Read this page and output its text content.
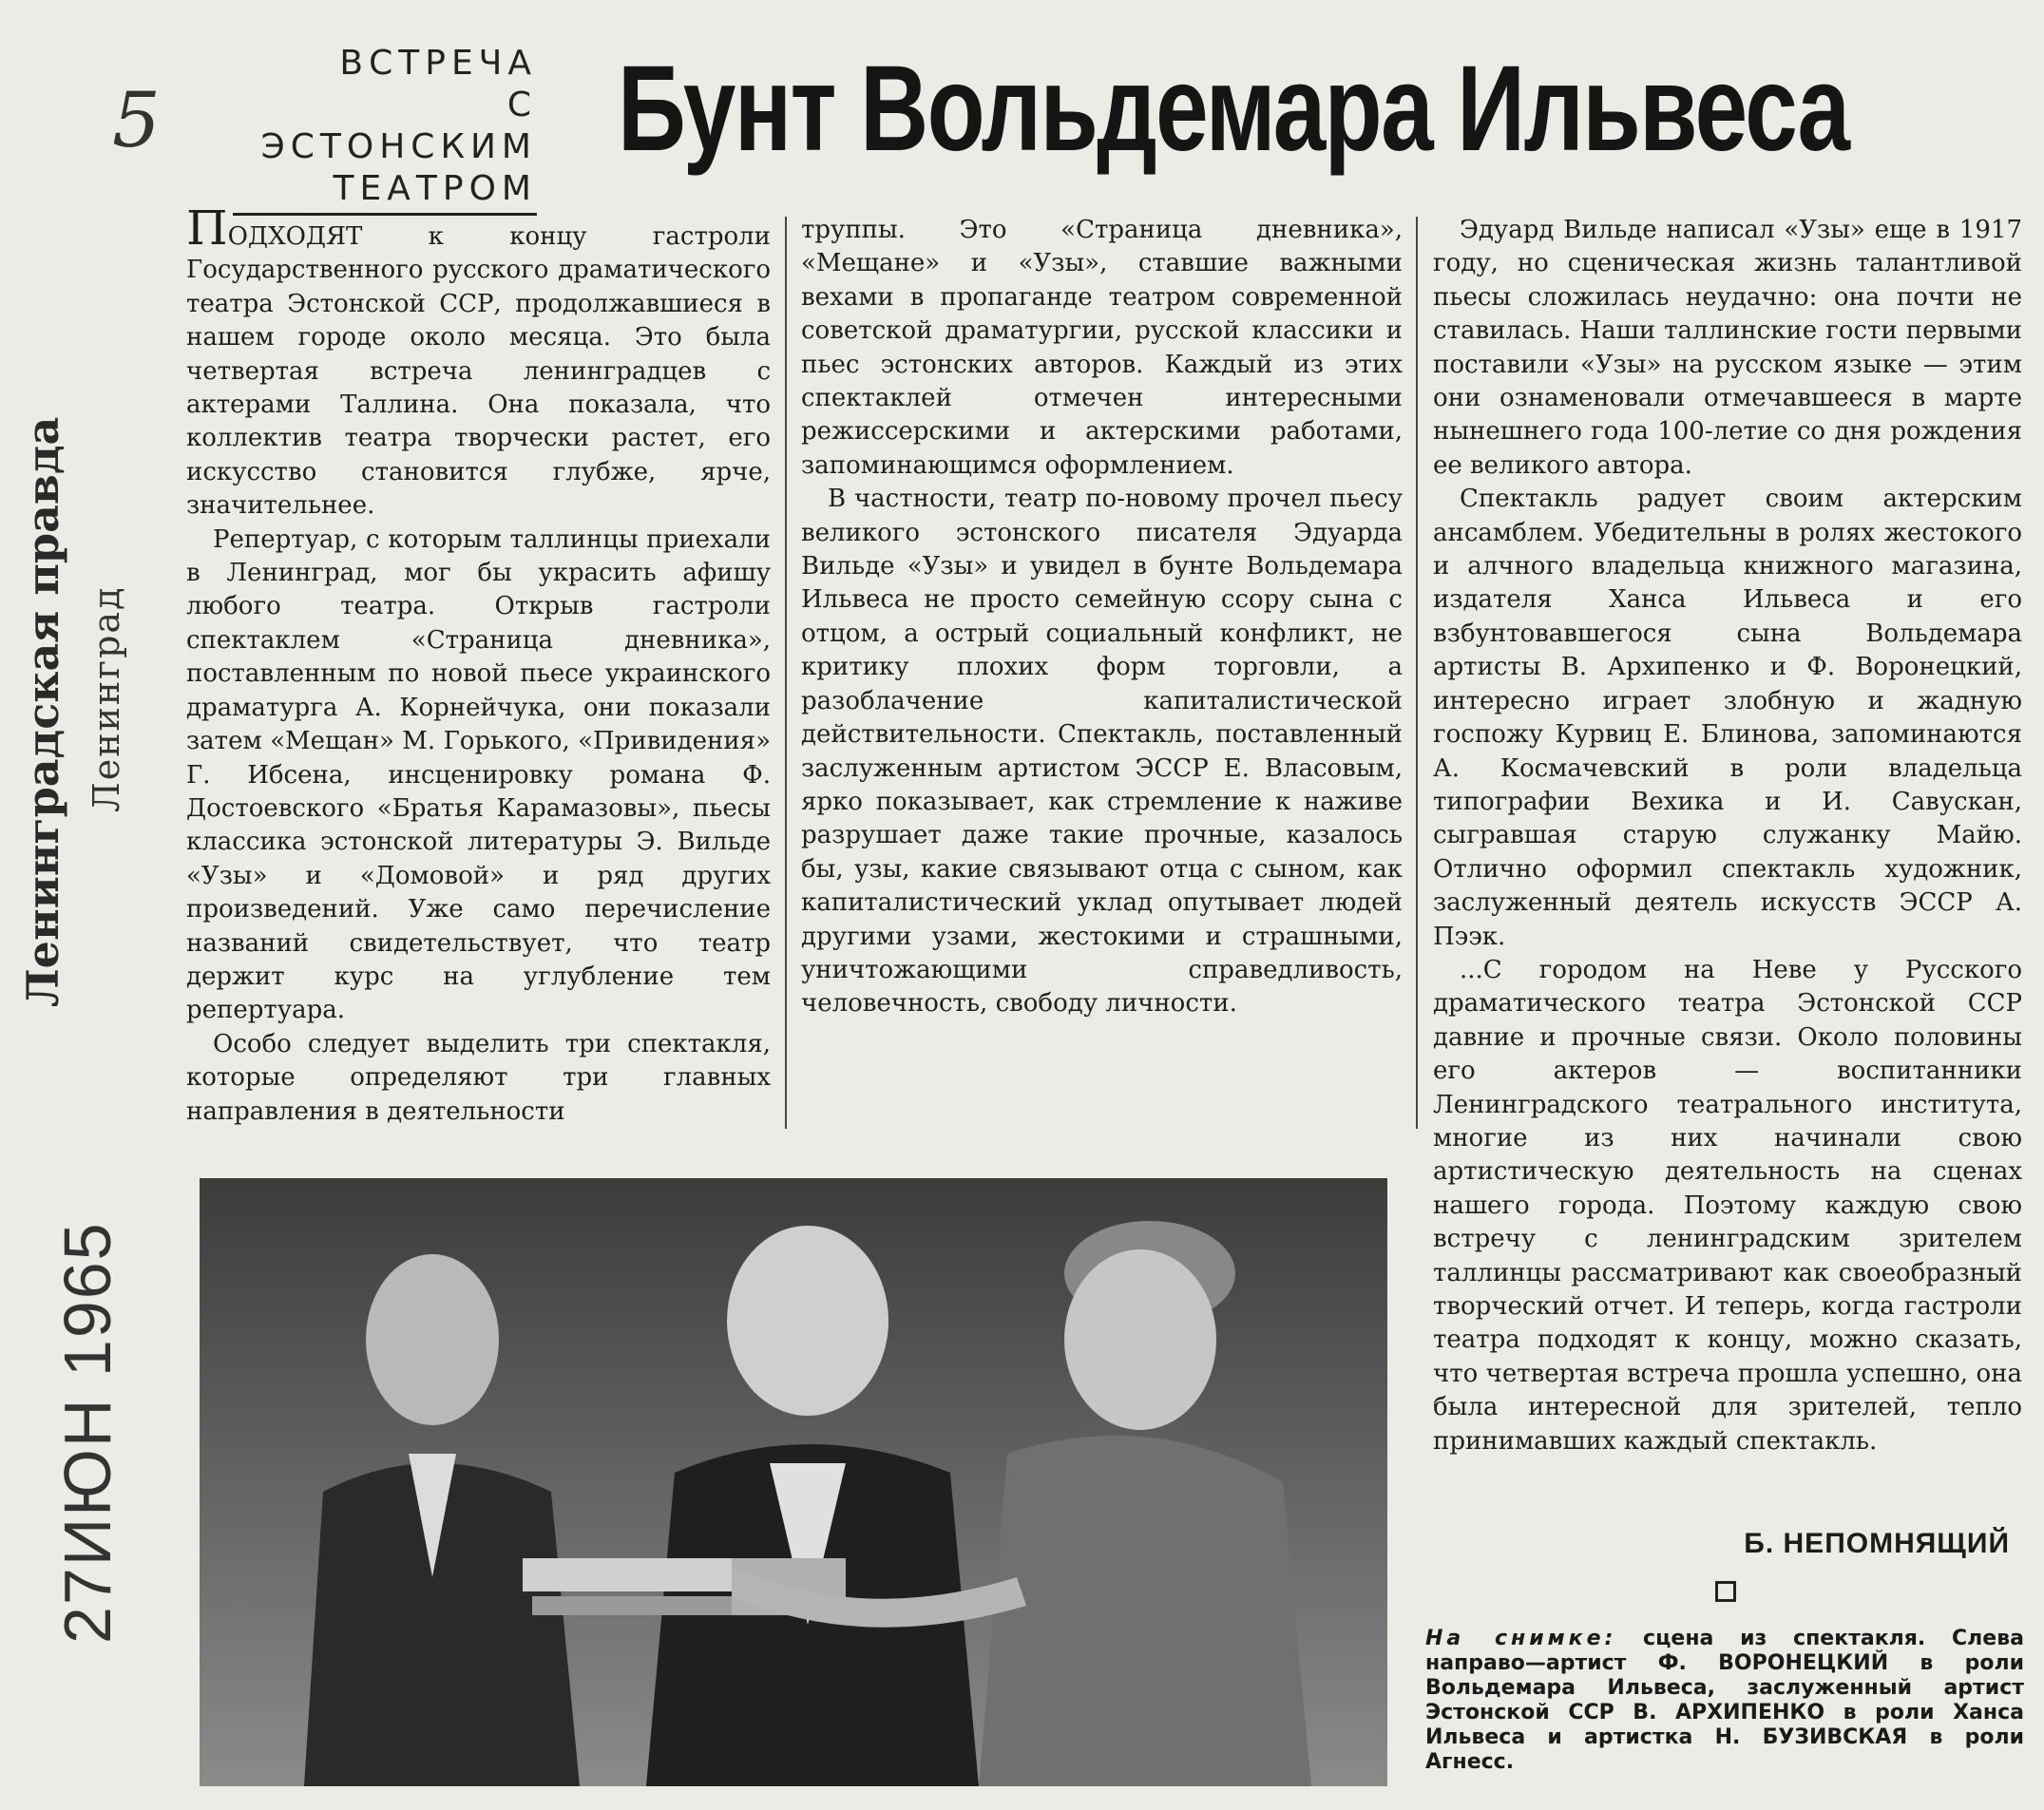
5
ВСТРЕЧА
С ЭСТОНСКИМ
ТЕАТРОМ
Бунт Вольдемара Ильвеса
Ленинградская правда Ленинград
27ИЮН 1965

ПОДХОДЯТ к концу гастроли Государственного русского драматического театра Эстонской ССР, продолжавшиеся в нашем городе около месяца. Это была четвертая встреча ленинградцев с актерами Таллина. Она показала, что коллектив театра творчески растет, его искусство становится глубже, ярче, значительнее.

Репертуар, с которым таллинцы приехали в Ленинград, мог бы украсить афишу любого театра. Открыв гастроли спектаклем «Страница дневника», поставленным по новой пьесе украинского драматурга А. Корнейчука, они показали затем «Мещан» М. Горького, «Привидения» Г. Ибсена, инсценировку романа Ф. Достоевского «Братья Карамазовы», пьесы классика эстонской литературы Э. Вильде «Узы» и «Домовой» и ряд других произведений. Уже само перечисление названий свидетельствует, что театр держит курс на углубление тем репертуара.

Особо следует выделить три спектакля, которые определяют три главных направления в деятельности

труппы. Это «Страница дневника», «Мещане» и «Узы», ставшие важными вехами в пропаганде театром современной советской драматургии, русской классики и пьес эстонских авторов. Каждый из этих спектаклей отмечен интересными режиссерскими и актерскими работами, запоминающимся оформлением.

В частности, театр по-новому прочел пьесу великого эстонского писателя Эдуарда Вильде «Узы» и увидел в бунте Вольдемара Ильвеса не просто семейную ссору сына с отцом, а острый социальный конфликт, не критику плохих форм торговли, а разоблачение капиталистической действительности. Спектакль, поставленный заслуженным артистом ЭССР Е. Власовым, ярко показывает, как стремление к наживе разрушает даже такие прочные, казалось бы, узы, какие связывают отца с сыном, как капиталистический уклад опутывает людей другими узами, жестокими и страшными, уничтожающими справедливость, человечность, свободу личности.

Эдуард Вильде написал «Узы» еще в 1917 году, но сценическая жизнь талантливой пьесы сложилась неудачно: она почти не ставилась. Наши таллинские гости первыми поставили «Узы» на русском языке — этим они ознаменовали отмечавшееся в марте нынешнего года 100-летие со дня рождения ее великого автора.

Спектакль радует своим актерским ансамблем. Убедительны в ролях жестокого и алчного владельца книжного магазина, издателя Ханса Ильвеса и его взбунтовавшегося сына Вольдемара артисты В. Архипенко и Ф. Воронецкий, интересно играет злобную и жадную госпожу Курвиц Е. Блинова, запоминаются А. Космачевский в роли владельца типографии Вехика и И. Савускан, сыгравшая старую служанку Майю. Отлично оформил спектакль художник, заслуженный деятель искусств ЭССР А. Пээк.

...С городом на Неве у Русского драматического театра Эстонской ССР давние и прочные связи. Около половины его актеров — воспитанники Ленинградского театрального института, многие из них начинали свою артистическую деятельность на сценах нашего города. Поэтому каждую свою встречу с ленинградским зрителем таллинцы рассматривают как своеобразный творческий отчет. И теперь, когда гастроли театра подходят к концу, можно сказать, что четвертая встреча прошла успешно, она была интересной для зрителей, тепло принимавших каждый спектакль.

Б. НЕПОМНЯЩИЙ
На снимке: сцена из спектакля. Слева направо—артист Ф. ВОРОНЕЦКИЙ в роли Вольдемара Ильвеса, заслуженный артист Эстонской ССР В. АРХИПЕНКО в роли Ханса Ильвеса и артистка Н. БУЗИВСКАЯ в роли Агнесс.
